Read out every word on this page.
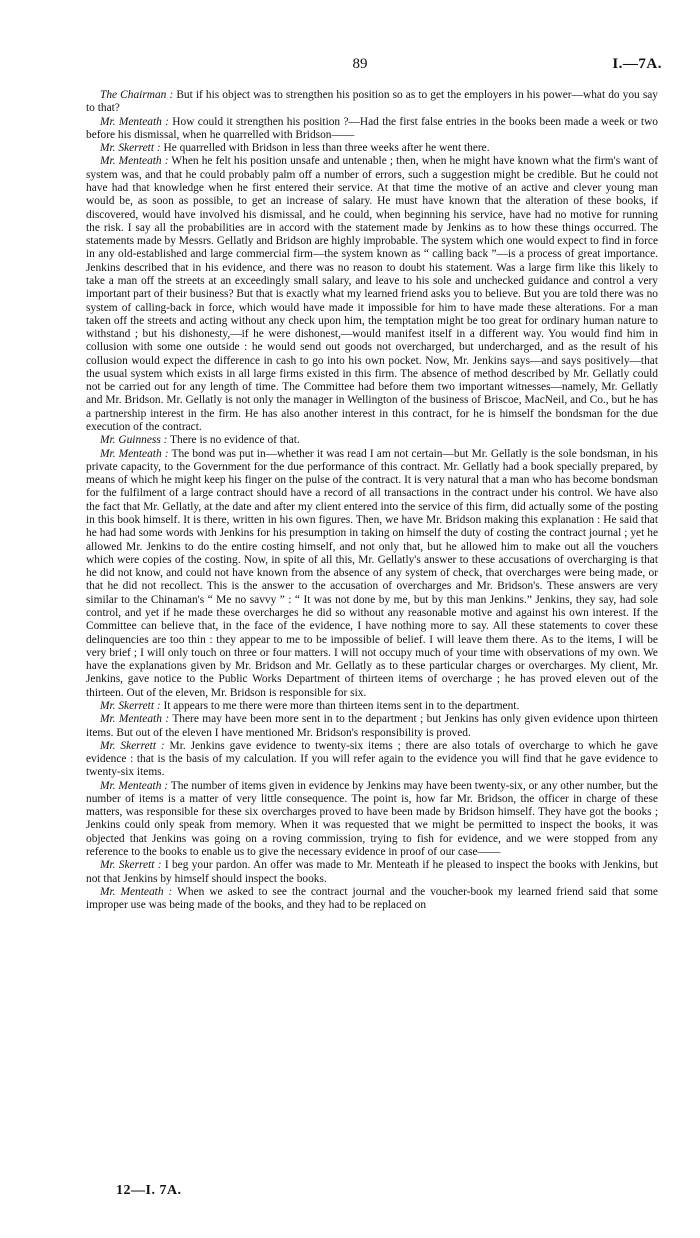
89	I.—7A.

The Chairman : But if his object was to strengthen his position so as to get the employers in his power—what do you say to that?

Mr. Menteath : How could it strengthen his position ?—Had the first false entries in the books been made a week or two before his dismissal, when he quarrelled with Bridson——

Mr. Skerrett : He quarrelled with Bridson in less than three weeks after he went there.

Mr. Menteath : When he felt his position unsafe and untenable ; then, when he might have known what the firm's want of system was, and that he could probably palm off a number of errors, such a suggestion might be credible. But he could not have had that knowledge when he first entered their service. At that time the motive of an active and clever young man would be, as soon as possible, to get an increase of salary. He must have known that the alteration of these books, if discovered, would have involved his dismissal, and he could, when beginning his service, have had no motive for running the risk. I say all the probabilities are in accord with the statement made by Jenkins as to how these things occurred. The statements made by Messrs. Gellatly and Bridson are highly improbable. The system which one would expect to find in force in any old-established and large commercial firm—the system known as “ calling back ”—is a process of great importance. Jenkins described that in his evidence, and there was no reason to doubt his statement. Was a large firm like this likely to take a man off the streets at an exceedingly small salary, and leave to his sole and unchecked guidance and control a very important part of their business? But that is exactly what my learned friend asks you to believe. But you are told there was no system of calling-back in force, which would have made it impossible for him to have made these alterations. For a man taken off the streets and acting without any check upon him, the temptation might be too great for ordinary human nature to withstand ; but his dishonesty,—if he were dishonest,—would manifest itself in a different way. You would find him in collusion with some one outside : he would send out goods not overcharged, but undercharged, and as the result of his collusion would expect the difference in cash to go into his own pocket. Now, Mr. Jenkins says—and says positively—that the usual system which exists in all large firms existed in this firm. The absence of method described by Mr. Gellatly could not be carried out for any length of time. The Committee had before them two important witnesses—namely, Mr. Gellatly and Mr. Bridson. Mr. Gellatly is not only the manager in Wellington of the business of Briscoe, MacNeil, and Co., but he has a partnership interest in the firm. He has also another interest in this contract, for he is himself the bondsman for the due execution of the contract.

Mr. Guinness : There is no evidence of that.

Mr. Menteath : The bond was put in—whether it was read I am not certain—but Mr. Gellatly is the sole bondsman, in his private capacity, to the Government for the due performance of this contract. Mr. Gellatly had a book specially prepared, by means of which he might keep his finger on the pulse of the contract. It is very natural that a man who has become bondsman for the fulfilment of a large contract should have a record of all transactions in the contract under his control. We have also the fact that Mr. Gellatly, at the date and after my client entered into the service of this firm, did actually some of the posting in this book himself. It is there, written in his own figures. Then, we have Mr. Bridson making this explanation : He said that he had had some words with Jenkins for his presumption in taking on himself the duty of costing the contract journal ; yet he allowed Mr. Jenkins to do the entire costing himself, and not only that, but he allowed him to make out all the vouchers which were copies of the costing. Now, in spite of all this, Mr. Gellatly's answer to these accusations of overcharging is that he did not know, and could not have known from the absence of any system of check, that overcharges were being made, or that he did not recollect. This is the answer to the accusation of overcharges and Mr. Bridson's. These answers are very similar to the Chinaman's “ Me no savvy ” : “ It was not done by me, but by this man Jenkins.” Jenkins, they say, had sole control, and yet if he made these overcharges he did so without any reasonable motive and against his own interest. If the Committee can believe that, in the face of the evidence, I have nothing more to say. All these statements to cover these delinquencies are too thin : they appear to me to be impossible of belief. I will leave them there. As to the items, I will be very brief ; I will only touch on three or four matters. I will not occupy much of your time with observations of my own. We have the explanations given by Mr. Bridson and Mr. Gellatly as to these particular charges or overcharges. My client, Mr. Jenkins, gave notice to the Public Works Department of thirteen items of overcharge ; he has proved eleven out of the thirteen. Out of the eleven, Mr. Bridson is responsible for six.

Mr. Skerrett : It appears to me there were more than thirteen items sent in to the department.

Mr. Menteath : There may have been more sent in to the department ; but Jenkins has only given evidence upon thirteen items. But out of the eleven I have mentioned Mr. Bridson's responsibility is proved.

Mr. Skerrett : Mr. Jenkins gave evidence to twenty-six items ; there are also totals of overcharge to which he gave evidence : that is the basis of my calculation. If you will refer again to the evidence you will find that he gave evidence to twenty-six items.

Mr. Menteath : The number of items given in evidence by Jenkins may have been twenty-six, or any other number, but the number of items is a matter of very little consequence. The point is, how far Mr. Bridson, the officer in charge of these matters, was responsible for these six overcharges proved to have been made by Bridson himself. They have got the books ; Jenkins could only speak from memory. When it was requested that we might be permitted to inspect the books, it was objected that Jenkins was going on a roving commission, trying to fish for evidence, and we were stopped from any reference to the books to enable us to give the necessary evidence in proof of our case——

Mr. Skerrett : I beg your pardon. An offer was made to Mr. Menteath if he pleased to inspect the books with Jenkins, but not that Jenkins by himself should inspect the books.

Mr. Menteath : When we asked to see the contract journal and the voucher-book my learned friend said that some improper use was being made of the books, and they had to be replaced on

12—I. 7A.
